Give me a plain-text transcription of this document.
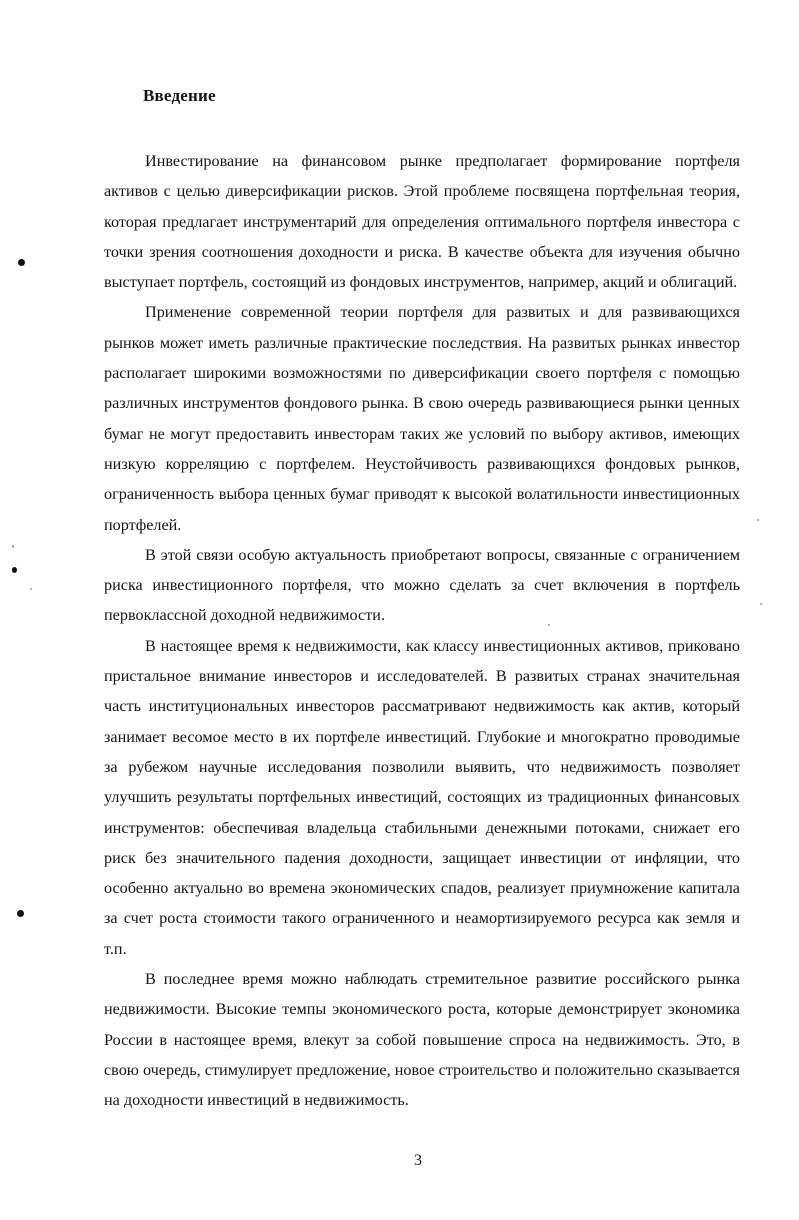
Введение

Инвестирование на финансовом рынке предполагает формирование портфеля активов с целью диверсификации рисков. Этой проблеме посвящена портфельная теория, которая предлагает инструментарий для определения оптимального портфеля инвестора с точки зрения соотношения доходности и риска. В качестве объекта для изучения обычно выступает портфель, состоящий из фондовых инструментов, например, акций и облигаций.

Применение современной теории портфеля для развитых и для развивающихся рынков может иметь различные практические последствия. На развитых рынках инвестор располагает широкими возможностями по диверсификации своего портфеля с помощью различных инструментов фондового рынка. В свою очередь развивающиеся рынки ценных бумаг не могут предоставить инвесторам таких же условий по выбору активов, имеющих низкую корреляцию с портфелем. Неустойчивость развивающихся фондовых рынков, ограниченность выбора ценных бумаг приводят к высокой волатильности инвестиционных портфелей.

В этой связи особую актуальность приобретают вопросы, связанные с ограничением риска инвестиционного портфеля, что можно сделать за счет включения в портфель первоклассной доходной недвижимости.

В настоящее время к недвижимости, как классу инвестиционных активов, приковано пристальное внимание инвесторов и исследователей. В развитых странах значительная часть институциональных инвесторов рассматривают недвижимость как актив, который занимает весомое место в их портфеле инвестиций. Глубокие и многократно проводимые за рубежом научные исследования позволили выявить, что недвижимость позволяет улучшить результаты портфельных инвестиций, состоящих из традиционных финансовых инструментов: обеспечивая владельца стабильными денежными потоками, снижает его риск без значительного падения доходности, защищает инвестиции от инфляции, что особенно актуально во времена экономических спадов, реализует приумножение капитала за счет роста стоимости такого ограниченного и неамортизируемого ресурса как земля и т.п.

В последнее время можно наблюдать стремительное развитие российского рынка недвижимости. Высокие темпы экономического роста, которые демонстрирует экономика России в настоящее время, влекут за собой повышение спроса на недвижимость. Это, в свою очередь, стимулирует предложение, новое строительство и положительно сказывается на доходности инвестиций в недвижимость.

3
